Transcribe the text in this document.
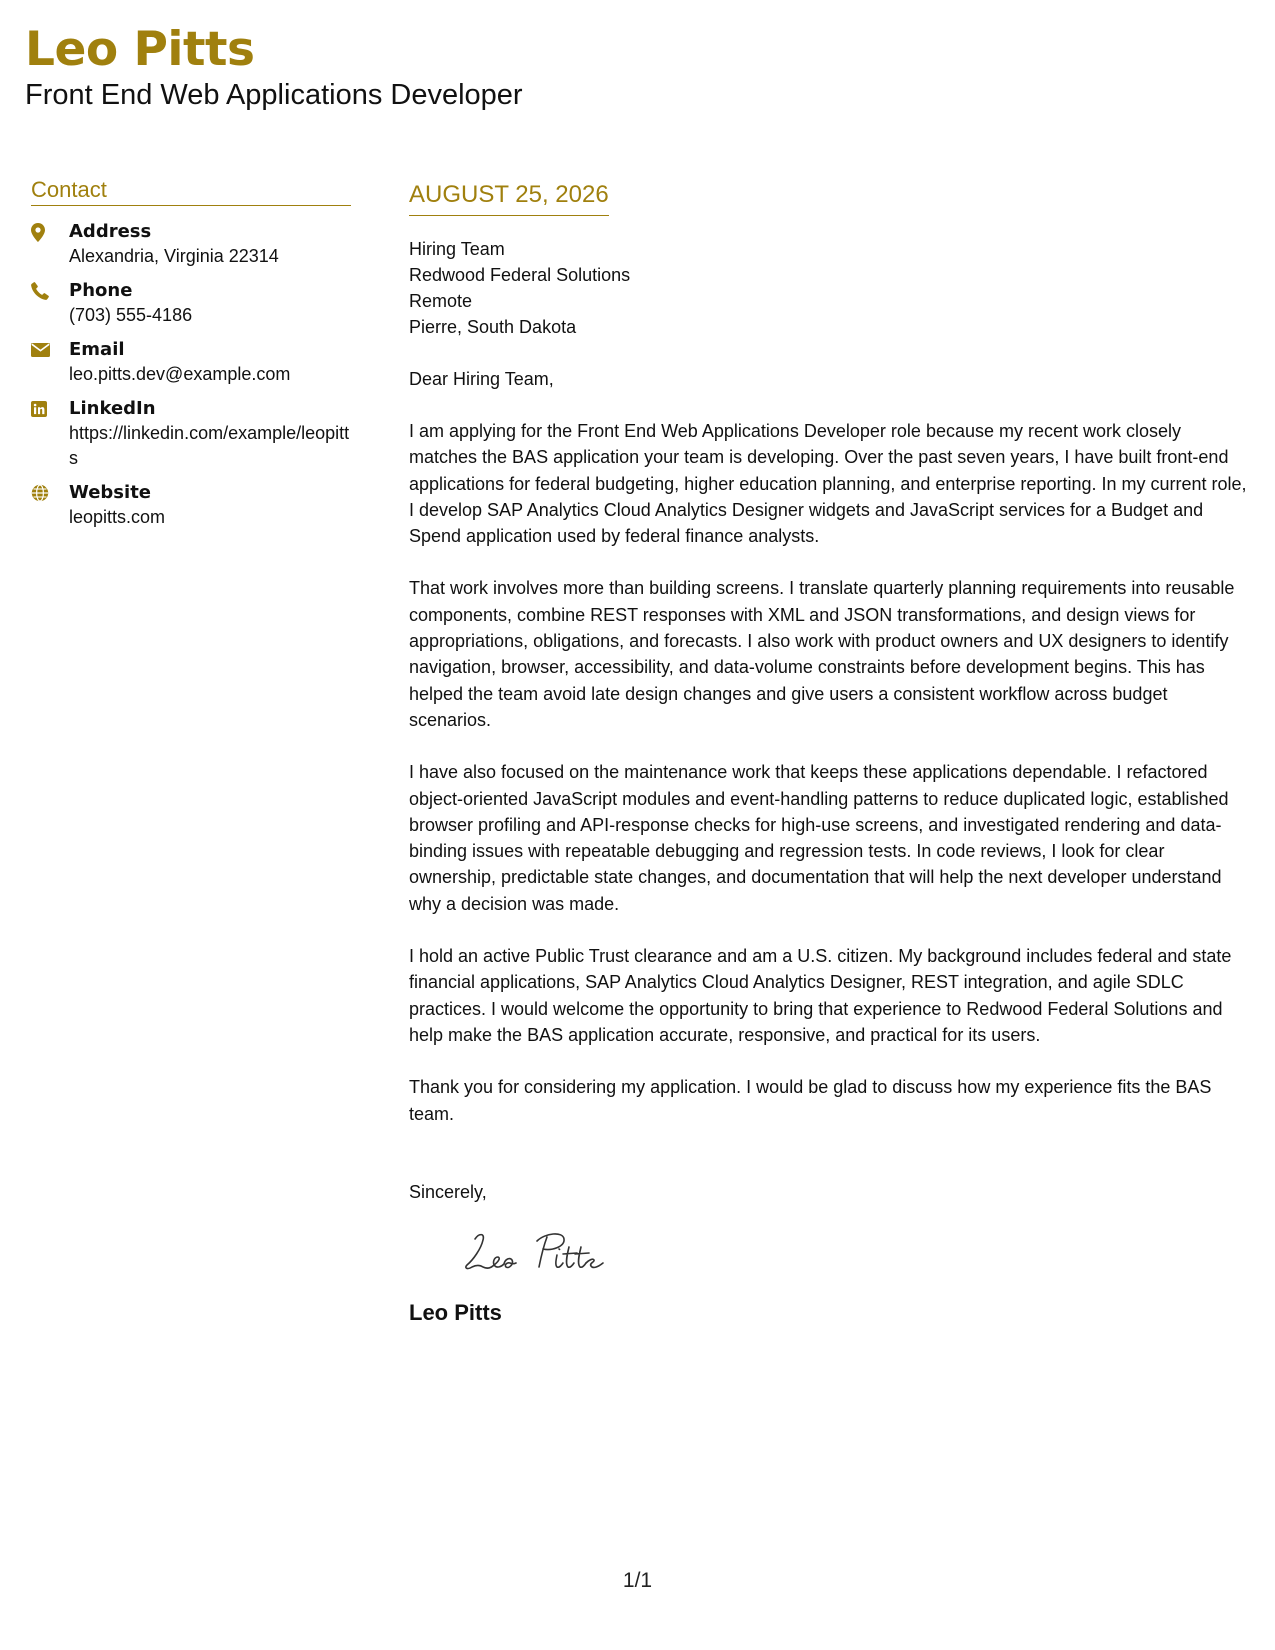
Leo Pitts
Front End Web Applications Developer
Contact
Address
Alexandria, Virginia 22314
Phone
(703) 555-4186
Email
leo.pitts.dev@example.com
LinkedIn
https://linkedin.com/example/leopitts
Website
leopitts.com
AUGUST 25, 2026
Hiring Team
Redwood Federal Solutions
Remote
Pierre, South Dakota
Dear Hiring Team,
I am applying for the Front End Web Applications Developer role because my recent work closely matches the BAS application your team is developing. Over the past seven years, I have built front-end applications for federal budgeting, higher education planning, and enterprise reporting. In my current role, I develop SAP Analytics Cloud Analytics Designer widgets and JavaScript services for a Budget and Spend application used by federal finance analysts.
That work involves more than building screens. I translate quarterly planning requirements into reusable components, combine REST responses with XML and JSON transformations, and design views for appropriations, obligations, and forecasts. I also work with product owners and UX designers to identify navigation, browser, accessibility, and data-volume constraints before development begins. This has helped the team avoid late design changes and give users a consistent workflow across budget scenarios.
I have also focused on the maintenance work that keeps these applications dependable. I refactored object-oriented JavaScript modules and event-handling patterns to reduce duplicated logic, established browser profiling and API-response checks for high-use screens, and investigated rendering and data-binding issues with repeatable debugging and regression tests. In code reviews, I look for clear ownership, predictable state changes, and documentation that will help the next developer understand why a decision was made.
I hold an active Public Trust clearance and am a U.S. citizen. My background includes federal and state financial applications, SAP Analytics Cloud Analytics Designer, REST integration, and agile SDLC practices. I would welcome the opportunity to bring that experience to Redwood Federal Solutions and help make the BAS application accurate, responsive, and practical for its users.
Thank you for considering my application. I would be glad to discuss how my experience fits the BAS team.
Sincerely,
Leo Pitts
1/1
